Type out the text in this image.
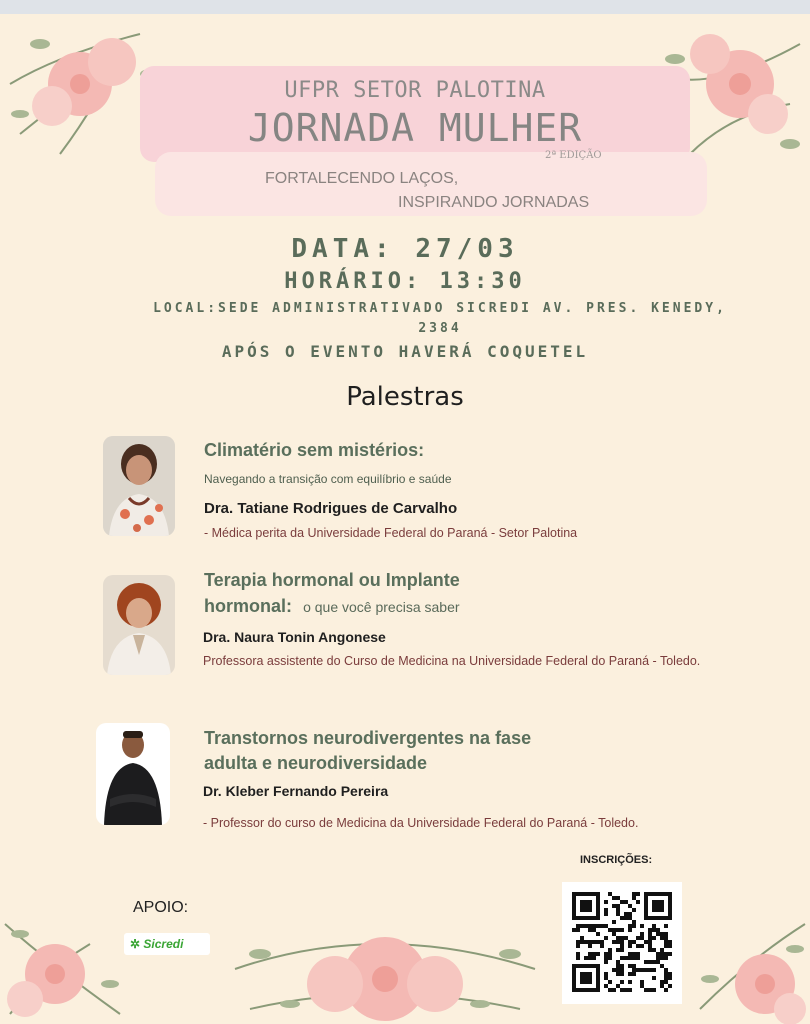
UFPR SETOR PALOTINA
JORNADA MULHER
2ª EDIÇÃO
FORTALECENDO LAÇOS,
INSPIRANDO JORNADAS
DATA: 27/03
HORÁRIO: 13:30
LOCAL:SEDE ADMINISTRATIVADO SICREDI AV. PRES. KENEDY, 2384
APÓS O EVENTO HAVERÁ COQUETEL
Palestras
Climatério sem mistérios:
Navegando a transição com equilíbrio e saúde
Dra. Tatiane Rodrigues de Carvalho
- Médica perita da Universidade Federal do Paraná - Setor Palotina
Terapia hormonal ou Implante
hormonal: o que você precisa saber
Dra. Naura Tonin Angonese
Professora assistente do Curso de Medicina na Universidade Federal do Paraná - Toledo.
Transtornos neurodivergentes na fase
adulta e neurodiversidade
Dr. Kleber Fernando Pereira
- Professor do curso de Medicina da Universidade Federal do Paraná - Toledo.
INSCRIÇÕES:
APOIO:
✲ Sicredi
